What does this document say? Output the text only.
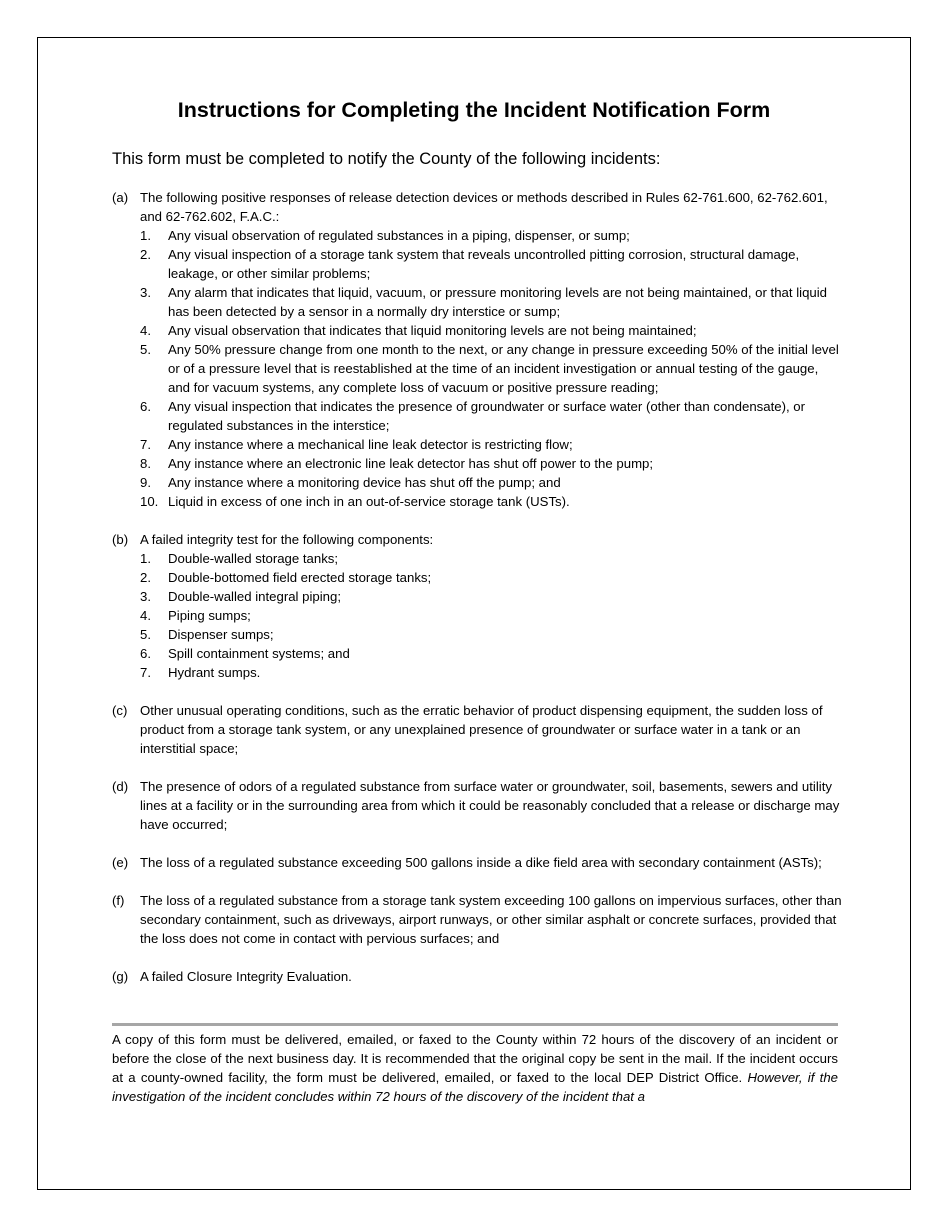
Instructions for Completing the Incident Notification Form

This form must be completed to notify the County of the following incidents:

(a) The following positive responses of release detection devices or methods described in Rules 62-761.600, 62-762.601, and 62-762.602, F.A.C.:
1.	Any visual observation of regulated substances in a piping, dispenser, or sump;
2.	Any visual inspection of a storage tank system that reveals uncontrolled pitting corrosion, structural damage, leakage, or other similar problems;
3.	Any alarm that indicates that liquid, vacuum, or pressure monitoring levels are not being maintained, or that liquid has been detected by a sensor in a normally dry interstice or sump;
4.	Any visual observation that indicates that liquid monitoring levels are not being maintained;
5.	Any 50% pressure change from one month to the next, or any change in pressure exceeding 50% of the initial level or of a pressure level that is reestablished at the time of an incident investigation or annual testing of the gauge, and for vacuum systems, any complete loss of vacuum or positive pressure reading;
6.	Any visual inspection that indicates the presence of groundwater or surface water (other than condensate), or regulated substances in the interstice;
7.	Any instance where a mechanical line leak detector is restricting flow;
8.	Any instance where an electronic line leak detector has shut off power to the pump;
9.	Any instance where a monitoring device has shut off the pump; and
10. Liquid in excess of one inch in an out-of-service storage tank (USTs).
(b) A failed integrity test for the following components:
1.	Double-walled storage tanks;
2.	Double-bottomed field erected storage tanks;
3.	Double-walled integral piping;
4.	Piping sumps;
5.	Dispenser sumps;
6.	Spill containment systems; and
7.	Hydrant sumps.
(c) Other unusual operating conditions, such as the erratic behavior of product dispensing equipment, the sudden loss of product from a storage tank system, or any unexplained presence of groundwater or surface water in a tank or an interstitial space;
(d) The presence of odors of a regulated substance from surface water or groundwater, soil, basements, sewers and utility lines at a facility or in the surrounding area from which it could be reasonably concluded that a release or discharge may have occurred;
(e) The loss of a regulated substance exceeding 500 gallons inside a dike field area with secondary containment (ASTs);
(f)	The loss of a regulated substance from a storage tank system exceeding 100 gallons on impervious surfaces, other than secondary containment, such as driveways, airport runways, or other similar asphalt or concrete surfaces, provided that the loss does not come in contact with pervious surfaces; and
(g) A failed Closure Integrity Evaluation.

A copy of this form must be delivered, emailed, or faxed to the County within 72 hours of the discovery of an incident or before the close of the next business day. It is recommended that the original copy be sent in the mail. If the incident occurs at a county-owned facility, the form must be delivered, emailed, or faxed to the local DEP District Office. However, if the investigation of the incident concludes within 72 hours of the discovery of the incident that a
